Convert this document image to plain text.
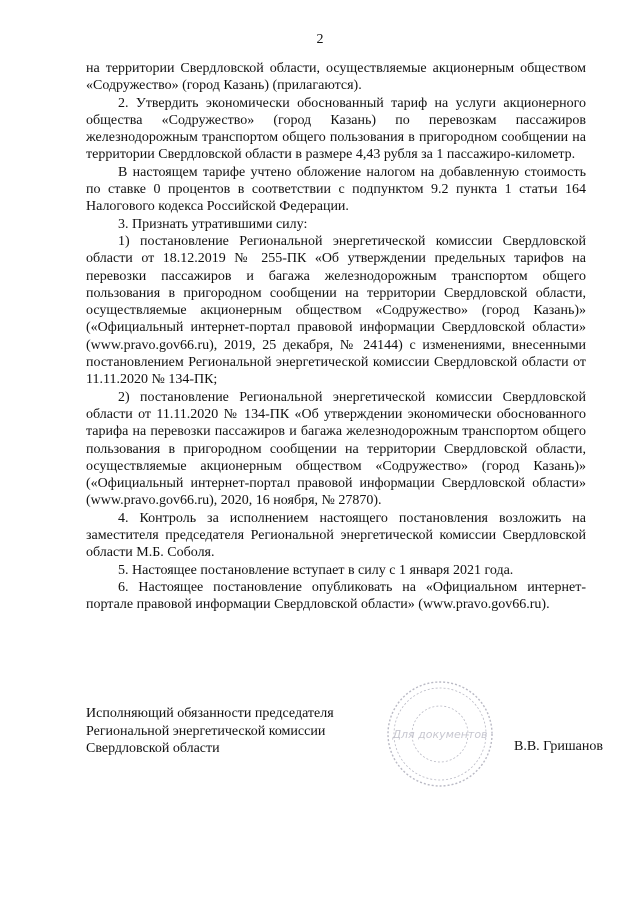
2

на территории Свердловской области, осуществляемые акционерным обществом «Содружество» (город Казань) (прилагаются).

2. Утвердить экономически обоснованный тариф на услуги акционерного общества «Содружество» (город Казань) по перевозкам пассажиров железнодорожным транспортом общего пользования в пригородном сообщении на территории Свердловской области в размере 4,43 рубля за 1 пассажиро-километр.

В настоящем тарифе учтено обложение налогом на добавленную стоимость по ставке 0 процентов в соответствии с подпунктом 9.2 пункта 1 статьи 164 Налогового кодекса Российской Федерации.

3. Признать утратившими силу:

1) постановление Региональной энергетической комиссии Свердловской области от 18.12.2019 № 255-ПК «Об утверждении предельных тарифов на перевозки пассажиров и багажа железнодорожным транспортом общего пользования в пригородном сообщении на территории Свердловской области, осуществляемые акционерным обществом «Содружество» (город Казань)» («Официальный интернет-портал правовой информации Свердловской области» (www.pravo.gov66.ru), 2019, 25 декабря, № 24144) с изменениями, внесенными постановлением Региональной энергетической комиссии Свердловской области от 11.11.2020 № 134-ПК;

2) постановление Региональной энергетической комиссии Свердловской области от 11.11.2020 № 134-ПК «Об утверждении экономически обоснованного тарифа на перевозки пассажиров и багажа железнодорожным транспортом общего пользования в пригородном сообщении на территории Свердловской области, осуществляемые акционерным обществом «Содружество» (город Казань)» («Официальный интернет-портал правовой информации Свердловской области» (www.pravo.gov66.ru), 2020, 16 ноября, № 27870).

4. Контроль за исполнением настоящего постановления возложить на заместителя председателя Региональной энергетической комиссии Свердловской области М.Б. Соболя.

5. Настоящее постановление вступает в силу с 1 января 2021 года.

6. Настоящее постановление опубликовать на «Официальном интернет-портале правовой информации Свердловской области» (www.pravo.gov66.ru).

Исполняющий обязанности председателя
Региональной энергетической комиссии
Свердловской области
Для документов
В.В. Гришанов
